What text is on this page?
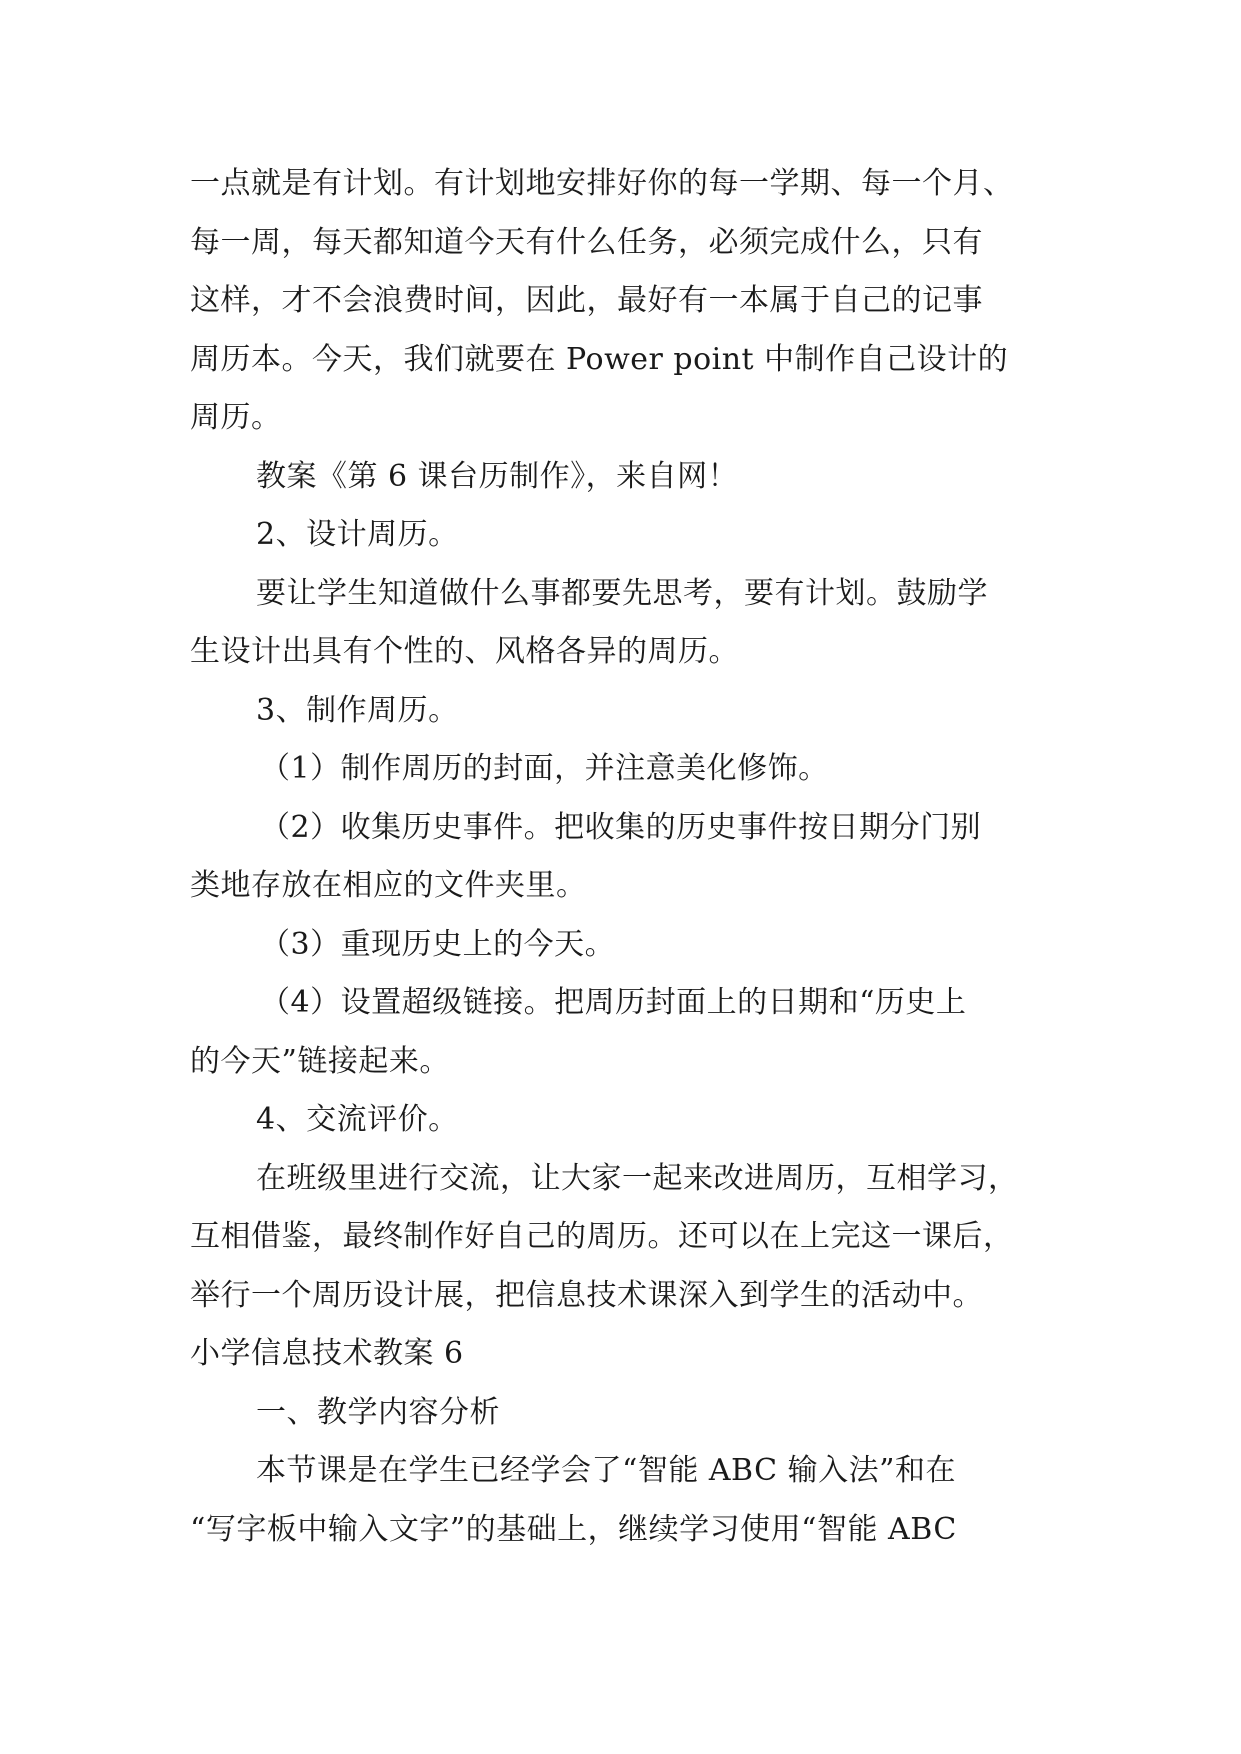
一点就是有计划。有计划地安排好你的每一学期、每一个月、
每一周，每天都知道今天有什么任务，必须完成什么，只有
这样，才不会浪费时间，因此，最好有一本属于自己的记事
周历本。今天，我们就要在 Power point 中制作自己设计的
周历。
教案《第 6 课台历制作》，来自网！
2、设计周历。
要让学生知道做什么事都要先思考，要有计划。鼓励学
生设计出具有个性的、风格各异的周历。
3、制作周历。
（1）制作周历的封面，并注意美化修饰。
（2）收集历史事件。把收集的历史事件按日期分门别
类地存放在相应的文件夹里。
（3）重现历史上的今天。
（4）设置超级链接。把周历封面上的日期和“历史上
的今天”链接起来。
4、交流评价。
在班级里进行交流，让大家一起来改进周历，互相学习，
互相借鉴，最终制作好自己的周历。还可以在上完这一课后，
举行一个周历设计展，把信息技术课深入到学生的活动中。
小学信息技术教案 6
一、教学内容分析
本节课是在学生已经学会了“智能 ABC 输入法”和在
“写字板中输入文字”的基础上，继续学习使用“智能 ABC
